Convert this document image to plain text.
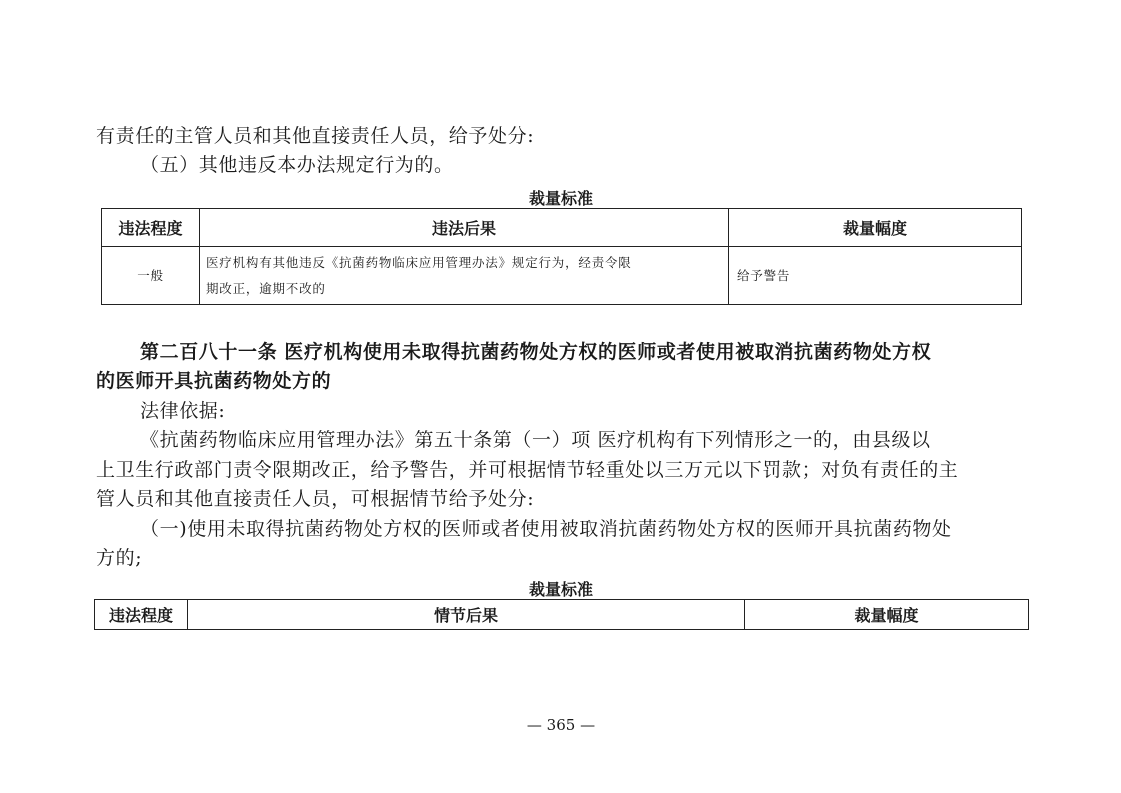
有责任的主管人员和其他直接责任人员，给予处分:
（五）其他违反本办法规定行为的。
裁量标准
违法程度	违法后果	裁量幅度
一般	医疗机构有其他违反《抗菌药物临床应用管理办法》规定行为，经责令限
期改正，逾期不改的	给予警告
第二百八十一条 医疗机构使用未取得抗菌药物处方权的医师或者使用被取消抗菌药物处方权
的医师开具抗菌药物处方的
法律依据:
《抗菌药物临床应用管理办法》第五十条第（一）项 医疗机构有下列情形之一的，由县级以
上卫生行政部门责令限期改正，给予警告，并可根据情节轻重处以三万元以下罚款；对负有责任的主
管人员和其他直接责任人员，可根据情节给予处分:
（一)使用未取得抗菌药物处方权的医师或者使用被取消抗菌药物处方权的医师开具抗菌药物处
方的;
裁量标准
违法程度	情节后果	裁量幅度
— 365 —
